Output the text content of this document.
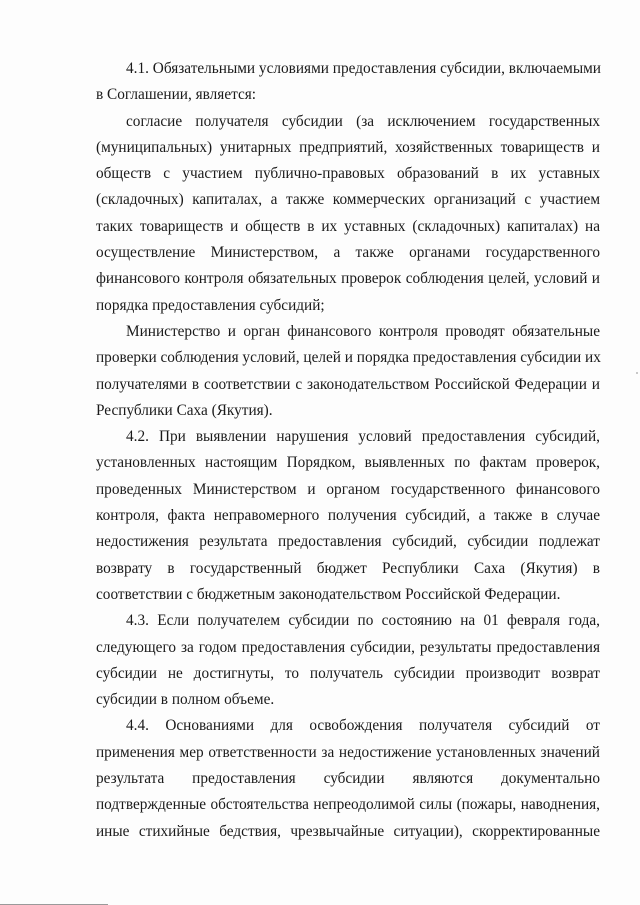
4.1. Обязательными условиями предоставления субсидии, включаемыми
в Соглашении, является:
согласие получателя субсидии (за исключением государственных
(муниципальных) унитарных предприятий, хозяйственных товариществ и
обществ с участием публично-правовых образований в их уставных
(складочных) капиталах, а также коммерческих организаций с участием
таких товариществ и обществ в их уставных (складочных) капиталах) на
осуществление Министерством, а также органами государственного
финансового контроля обязательных проверок соблюдения целей, условий и
порядка предоставления субсидий;
Министерство и орган финансового контроля проводят обязательные
проверки соблюдения условий, целей и порядка предоставления субсидии их
получателями в соответствии с законодательством Российской Федерации и
Республики Саха (Якутия).
4.2. При выявлении нарушения условий предоставления субсидий,
установленных настоящим Порядком, выявленных по фактам проверок,
проведенных Министерством и органом государственного финансового
контроля, факта неправомерного получения субсидий, а также в случае
недостижения результата предоставления субсидий, субсидии подлежат
возврату в государственный бюджет Республики Саха (Якутия) в
соответствии с бюджетным законодательством Российской Федерации.
4.3. Если получателем субсидии по состоянию на 01 февраля года,
следующего за годом предоставления субсидии, результаты предоставления
субсидии не достигнуты, то получатель субсидии производит возврат
субсидии в полном объеме.
4.4. Основаниями для освобождения получателя субсидий от
применения мер ответственности за недостижение установленных значений
результата предоставления субсидии являются документально
подтвержденные обстоятельства непреодолимой силы (пожары, наводнения,
иные стихийные бедствия, чрезвычайные ситуации), скорректированные
